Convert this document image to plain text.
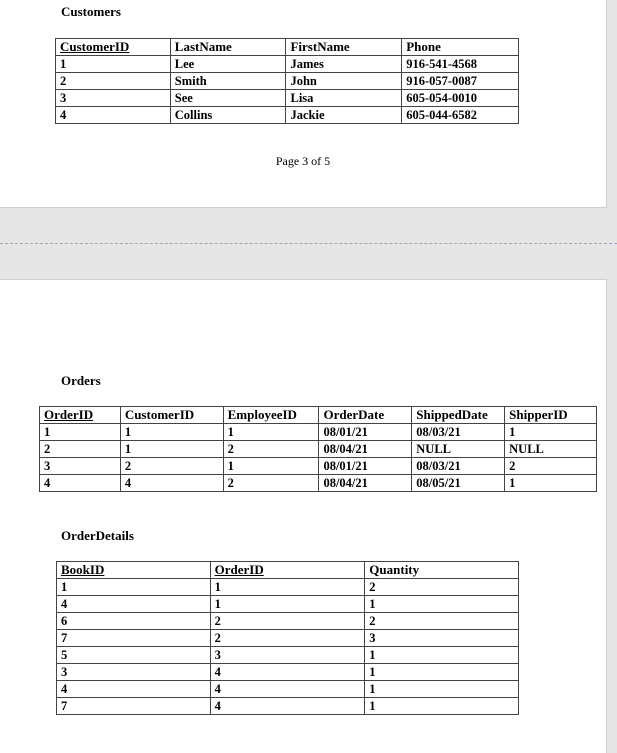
Customers
CustomerID	LastName	FirstName	Phone
1	Lee	James	916-541-4568
2	Smith	John	916-057-0087
3	See	Lisa	605-054-0010
4	Collins	Jackie	605-044-6582
Page 3 of 5
Orders
OrderID	CustomerID	EmployeeID	OrderDate	ShippedDate	ShipperID
1	1	1	08/01/21	08/03/21	1
2	1	2	08/04/21	NULL	NULL
3	2	1	08/01/21	08/03/21	2
4	4	2	08/04/21	08/05/21	1
OrderDetails
BookID	OrderID	Quantity
1	1	2
4	1	1
6	2	2
7	2	3
5	3	1
3	4	1
4	4	1
7	4	1
